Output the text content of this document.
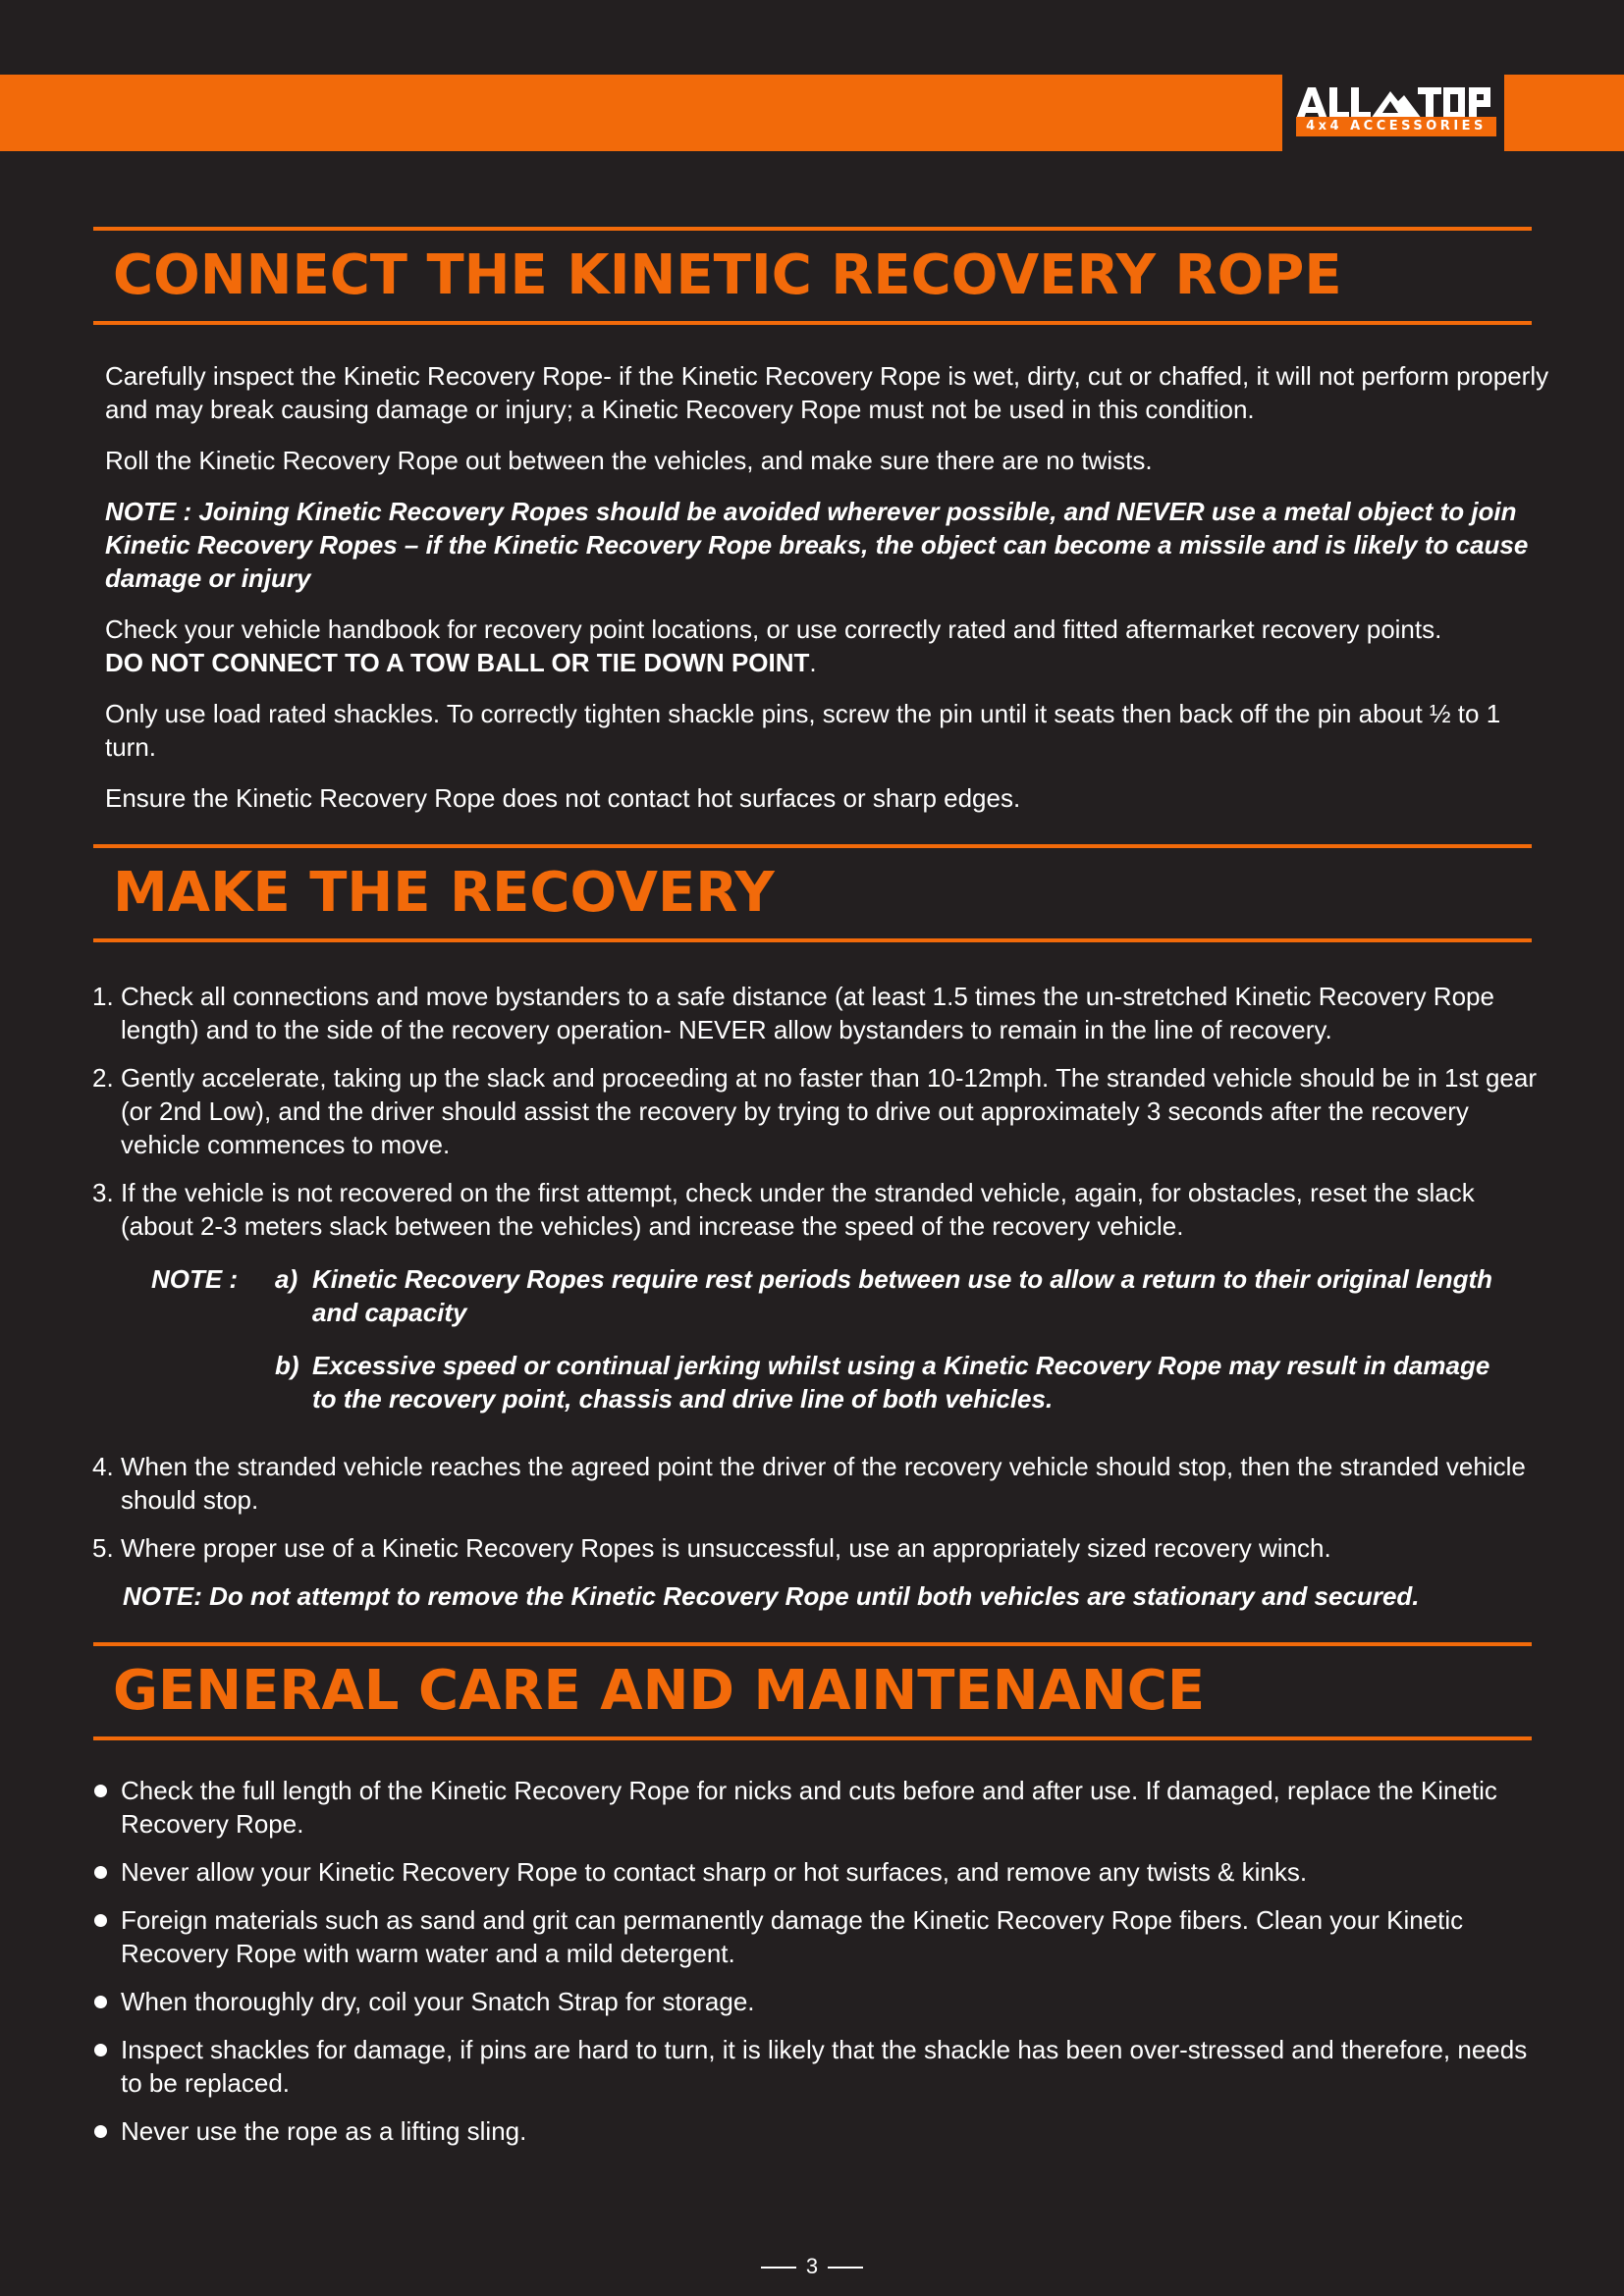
4x4 ACCESSORIES
CONNECT THE KINETIC RECOVERY ROPE

Carefully inspect the Kinetic Recovery Rope- if the Kinetic Recovery Rope is wet, dirty, cut or chaffed, it will not perform properly and may break causing damage or injury; a Kinetic Recovery Rope must not be used in this condition.

Roll the Kinetic Recovery Rope out between the vehicles, and make sure there are no twists.

NOTE : Joining Kinetic Recovery Ropes should be avoided wherever possible, and NEVER use a metal object to join Kinetic Recovery Ropes – if the Kinetic Recovery Rope breaks, the object can become a missile and is likely to cause damage or injury

Check your vehicle handbook for recovery point locations, or use correctly rated and fitted aftermarket recovery points.
DO NOT CONNECT TO A TOW BALL OR TIE DOWN POINT.

Only use load rated shackles. To correctly tighten shackle pins, screw the pin until it seats then back off the pin about ½ to 1 turn.

Ensure the Kinetic Recovery Rope does not contact hot surfaces or sharp edges.

MAKE THE RECOVERY
1. Check all connections and move bystanders to a safe distance (at least 1.5 times the un-stretched Kinetic Recovery Rope length) and to the side of the recovery operation- NEVER allow bystanders to remain in the line of recovery.
2. Gently accelerate, taking up the slack and proceeding at no faster than 10-12mph. The stranded vehicle should be in 1st gear (or 2nd Low), and the driver should assist the recovery by trying to drive out approximately 3 seconds after the recovery vehicle commences to move.
3. If the vehicle is not recovered on the first attempt, check under the stranded vehicle, again, for obstacles, reset the slack (about 2-3 meters slack between the vehicles) and increase the speed of the recovery vehicle.
NOTE :	a) Kinetic Recovery Ropes require rest periods between use to allow a return to their original length and capacity
b) Excessive speed or continual jerking whilst using a Kinetic Recovery Rope may result in damage to the recovery point, chassis and drive line of both vehicles.
4. When the stranded vehicle reaches the agreed point the driver of the recovery vehicle should stop, then the stranded vehicle should stop.
5. Where proper use of a Kinetic Recovery Ropes is unsuccessful, use an appropriately sized recovery winch.

NOTE: Do not attempt to remove the Kinetic Recovery Rope until both vehicles are stationary and secured.

GENERAL CARE AND MAINTENANCE
Check the full length of the Kinetic Recovery Rope for nicks and cuts before and after use. If damaged, replace the Kinetic Recovery Rope.
Never allow your Kinetic Recovery Rope to contact sharp or hot surfaces, and remove any twists & kinks.
Foreign materials such as sand and grit can permanently damage the Kinetic Recovery Rope fibers. Clean your Kinetic Recovery Rope with warm water and a mild detergent.
When thoroughly dry, coil your Snatch Strap for storage.
Inspect shackles for damage, if pins are hard to turn, it is likely that the shackle has been over-stressed and therefore, needs to be replaced.
Never use the rope as a lifting sling.
3
